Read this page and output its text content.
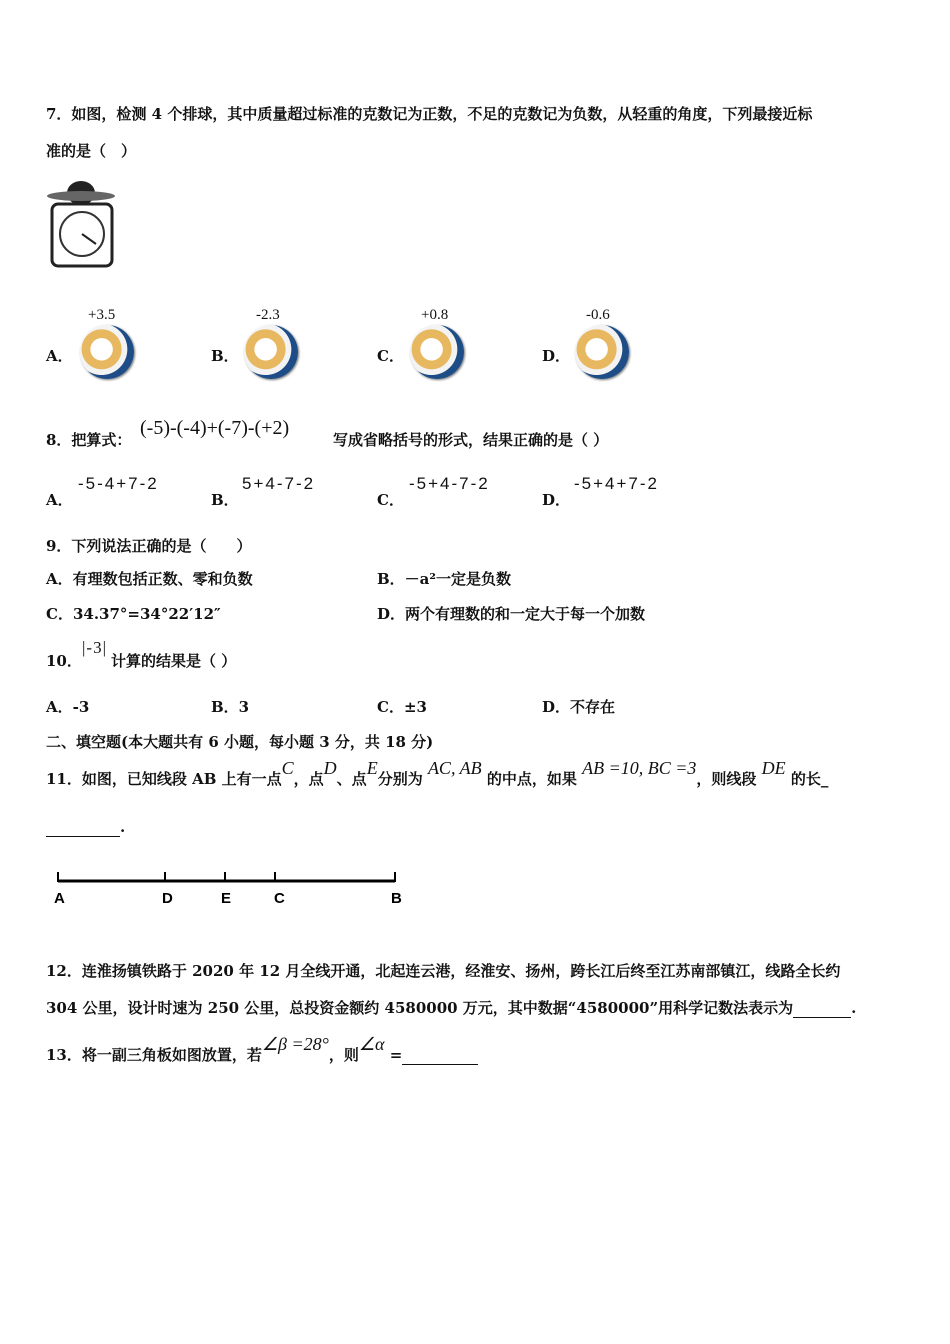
7．如图，检测 4 个排球，其中质量超过标准的克数记为正数，不足的克数记为负数，从轻重的角度，下列最接近标
准的是（　）
A．
+3.5
B．
-2.3
C．
+0.8
D．
-0.6
8．把算式：
(-5)-(-4)+(-7)-(+2)
写成省略括号的形式，结果正确的是（ ）
A．
-5-4+7-2
B．
5+4-7-2
C．
-5+4-7-2
D．
-5+4+7-2
9．下列说法正确的是（　　）
A．有理数包括正数、零和负数	B．－a²一定是负数
C．34.37°=34°22′12″	D．两个有理数的和一定大于每一个加数
10．
|-3|
计算的结果是（ ）
A．-3	B．3	C．±3	D．不存在
二、填空题(本大题共有 6 小题，每小题 3 分，共 18 分)
11．如图，已知线段 AB 上有一点C，点D、点E分别为 AC, AB 的中点，如果 AB =10, BC =3，则线段 DE 的长_
.
A	D	E	C	B
12．连淮扬镇铁路于 2020 年 12 月全线开通，北起连云港，经淮安、扬州，跨长江后终至江苏南部镇江，线路全长约
304 公里，设计时速为 250 公里，总投资金额约 4580000 万元，其中数据“4580000”用科学记数法表示为	.
13．将一副三角板如图放置，若∠β =28°，则∠α =
